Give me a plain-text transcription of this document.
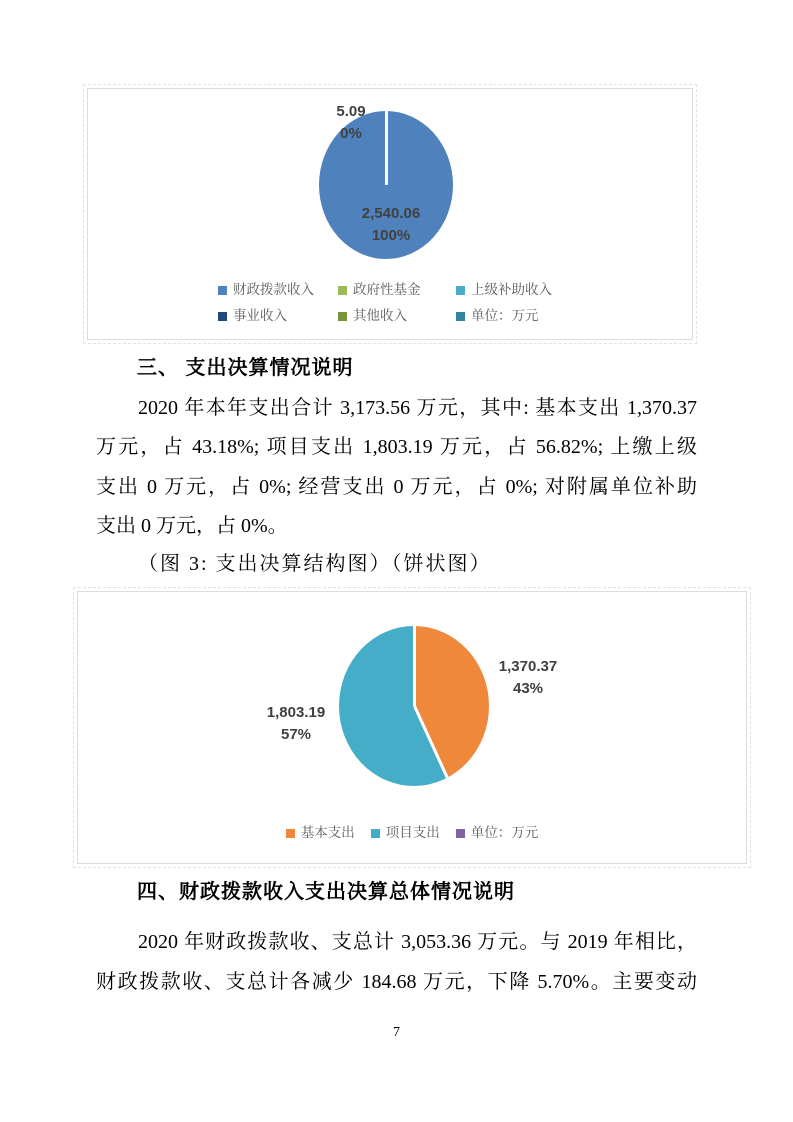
5.09
0%
2,540.06
100%
财政拨款收入	政府性基金	上级补助收入
事业收入	其他收入	单位：万元
三、 支出决算情况说明
2020 年本年支出合计 3,173.56 万元，其中: 基本支出 1,370.37
万元，占 43.18%; 项目支出 1,803.19 万元，占 56.82%; 上缴上级
支出 0 万元，占 0%; 经营支出 0 万元，占 0%; 对附属单位补助
支出 0 万元，占 0%。
（图 3: 支出决算结构图）（饼状图）
1,370.37
43%
1,803.19
57%
基本支出 项目支出 单位：万元
四、财政拨款收入支出决算总体情况说明
2020 年财政拨款收、支总计 3,053.36 万元。与 2019 年相比，
财政拨款收、支总计各减少 184.68 万元，下降 5.70%。主要变动
7
